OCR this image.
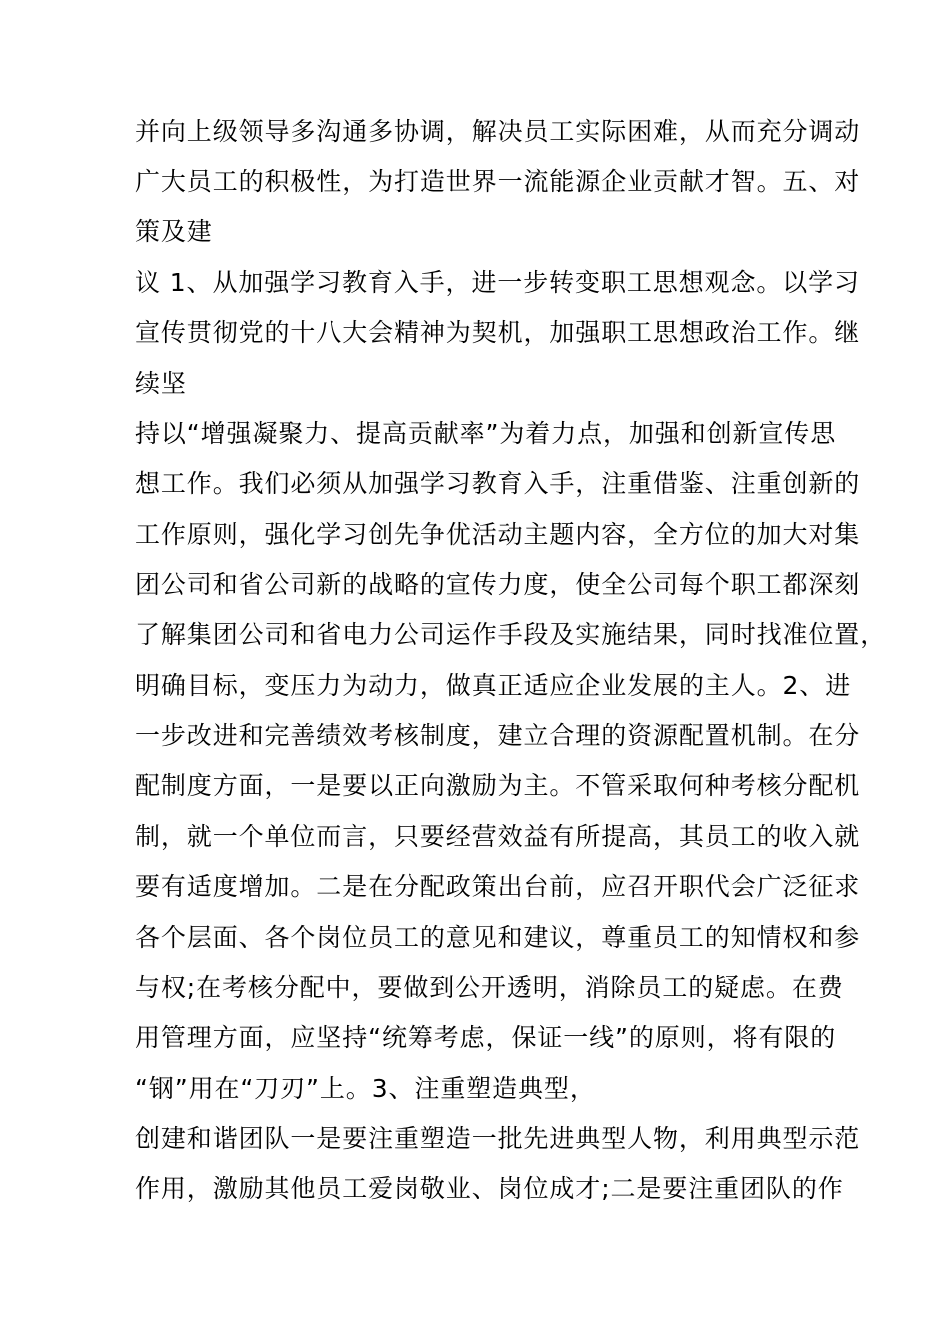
并向上级领导多沟通多协调，解决员工实际困难，从而充分调动

广大员工的积极性，为打造世界一流能源企业贡献才智。五、对

策及建

议 1、从加强学习教育入手，进一步转变职工思想观念。以学习

宣传贯彻党的十八大会精神为契机，加强职工思想政治工作。继

续坚

持以“增强凝聚力、提高贡献率”为着力点，加强和创新宣传思

想工作。我们必须从加强学习教育入手，注重借鉴、注重创新的

工作原则，强化学习创先争优活动主题内容，全方位的加大对集

团公司和省公司新的战略的宣传力度，使全公司每个职工都深刻

了解集团公司和省电力公司运作手段及实施结果，同时找准位置，

明确目标，变压力为动力，做真正适应企业发展的主人。2、进

一步改进和完善绩效考核制度，建立合理的资源配置机制。在分

配制度方面，一是要以正向激励为主。不管采取何种考核分配机

制，就一个单位而言，只要经营效益有所提高，其员工的收入就

要有适度增加。二是在分配政策出台前，应召开职代会广泛征求

各个层面、各个岗位员工的意见和建议，尊重员工的知情权和参

与权;在考核分配中，要做到公开透明，消除员工的疑虑。在费

用管理方面，应坚持“统筹考虑，保证一线”的原则，将有限的

“钢”用在“刀刃”上。3、注重塑造典型，

创建和谐团队一是要注重塑造一批先进典型人物，利用典型示范

作用，激励其他员工爱岗敬业、岗位成才;二是要注重团队的作
